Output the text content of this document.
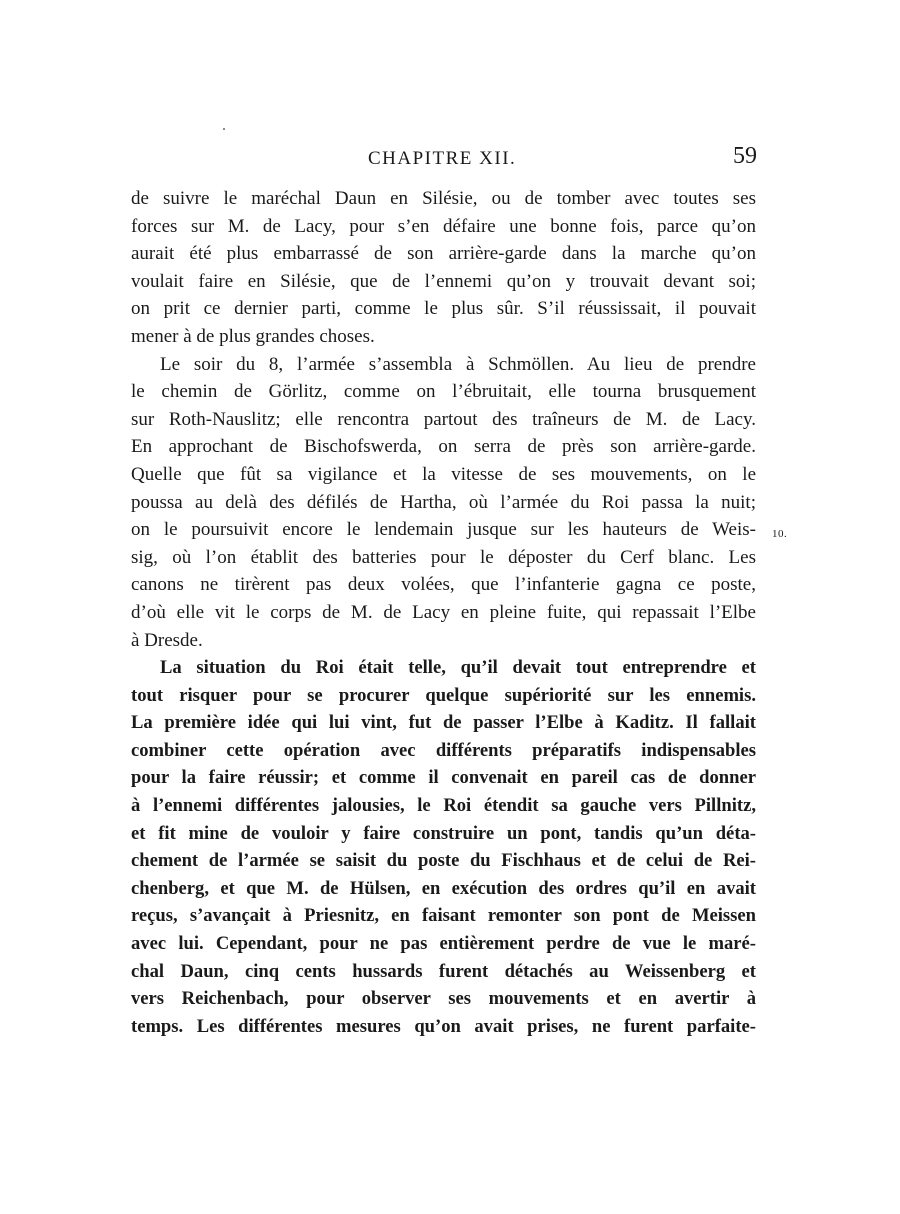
CHAPITRE XII.	59
10.
de suivre le maréchal Daun en Silésie, ou de tomber avec toutes ses
forces sur M. de Lacy, pour s’en défaire une bonne fois, parce qu’on
aurait été plus embarrassé de son arrière-garde dans la marche qu’on
voulait faire en Silésie, que de l’ennemi qu’on y trouvait devant soi;
on prit ce dernier parti, comme le plus sûr. S’il réussissait, il pouvait
mener à de plus grandes choses.
Le soir du 8, l’armée s’assembla à Schmöllen. Au lieu de prendre
le chemin de Görlitz, comme on l’ébruitait, elle tourna brusquement
sur Roth-Nauslitz; elle rencontra partout des traîneurs de M. de Lacy.
En approchant de Bischofswerda, on serra de près son arrière-garde.
Quelle que fût sa vigilance et la vitesse de ses mouvements, on le
poussa au delà des défilés de Hartha, où l’armée du Roi passa la nuit;
on le poursuivit encore le lendemain jusque sur les hauteurs de Weis-
sig, où l’on établit des batteries pour le déposter du Cerf blanc. Les
canons ne tirèrent pas deux volées, que l’infanterie gagna ce poste,
d’où elle vit le corps de M. de Lacy en pleine fuite, qui repassait l’Elbe
à Dresde.
La situation du Roi était telle, qu’il devait tout entreprendre et
tout risquer pour se procurer quelque supériorité sur les ennemis.
La première idée qui lui vint, fut de passer l’Elbe à Kaditz. Il fallait
combiner cette opération avec différents préparatifs indispensables
pour la faire réussir; et comme il convenait en pareil cas de donner
à l’ennemi différentes jalousies, le Roi étendit sa gauche vers Pillnitz,
et fit mine de vouloir y faire construire un pont, tandis qu’un déta-
chement de l’armée se saisit du poste du Fischhaus et de celui de Rei-
chenberg, et que M. de Hülsen, en exécution des ordres qu’il en avait
reçus, s’avançait à Priesnitz, en faisant remonter son pont de Meissen
avec lui. Cependant, pour ne pas entièrement perdre de vue le maré-
chal Daun, cinq cents hussards furent détachés au Weissenberg et
vers Reichenbach, pour observer ses mouvements et en avertir à
temps. Les différentes mesures qu’on avait prises, ne furent parfaite-
